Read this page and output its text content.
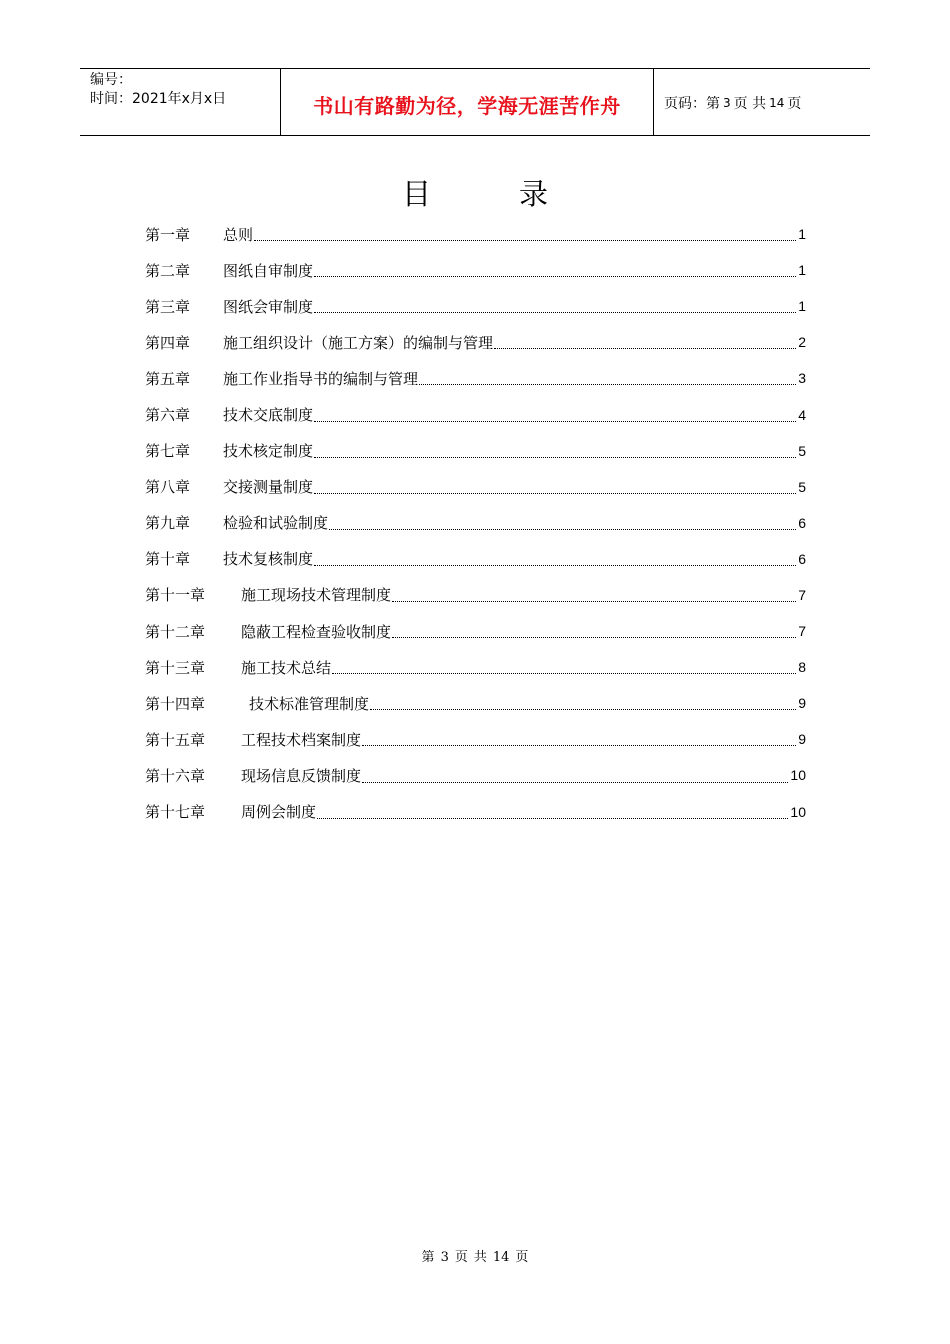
编号：
时间：2021年x月x日	书山有路勤为径，学海无涯苦作舟	页码：第 3 页 共 14 页
目	录
第一章	总则	1
第二章	图纸自审制度	1
第三章	图纸会审制度	1
第四章	施工组织设计（施工方案）的编制与管理	2
第五章	施工作业指导书的编制与管理	3
第六章	技术交底制度	4
第七章	技术核定制度	5
第八章	交接测量制度	5
第九章	检验和试验制度	6
第十章	技术复核制度	6
第十一章	施工现场技术管理制度	7
第十二章	隐蔽工程检查验收制度	7
第十三章	施工技术总结	8
第十四章	技术标准管理制度	9
第十五章	工程技术档案制度	9
第十六章	现场信息反馈制度	10
第十七章	周例会制度	10
第 3 页 共 14 页
